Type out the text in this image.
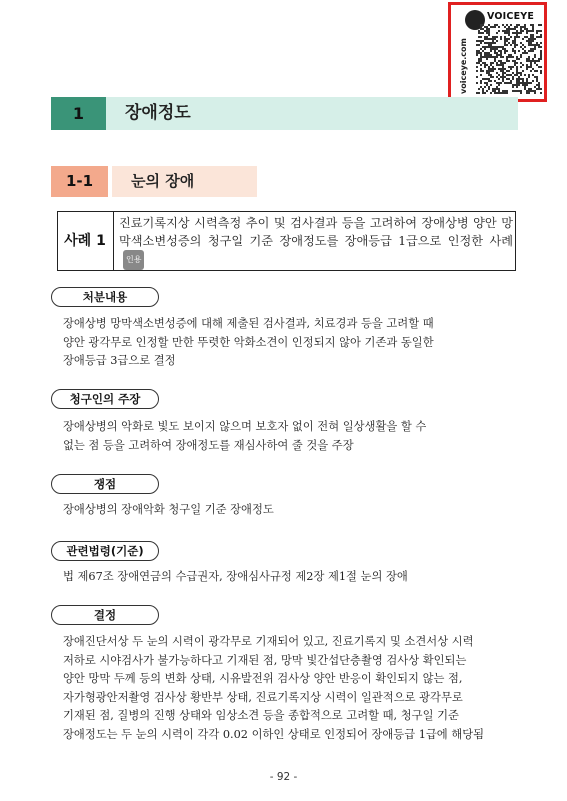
VOICEYE
voiceye.com
1	장애정도
1-1	눈의 장애
사례 1
진료기록지상 시력측정 추이 및 검사결과 등을 고려하여 장애상병 양안 망막색소변성증의 청구일 기준 장애정도를 장애등급 1급으로 인정한 사례인용
처분내용
장애상병 망막색소변성증에 대해 제출된 검사결과, 치료경과 등을 고려할 때
양안 광각무로 인정할 만한 뚜렷한 악화소견이 인정되지 않아 기존과 동일한
장애등급 3급으로 결정
청구인의 주장
장애상병의 악화로 빛도 보이지 않으며 보호자 없이 전혀 일상생활을 할 수
없는 점 등을 고려하여 장애정도를 재심사하여 줄 것을 주장
쟁점
장애상병의 장애악화 청구일 기준 장애정도
관련법령(기준)
법 제67조 장애연금의 수급권자, 장애심사규정 제2장 제1절 눈의 장애
결정
장애진단서상 두 눈의 시력이 광각무로 기재되어 있고, 진료기록지 및 소견서상 시력
저하로 시야검사가 불가능하다고 기재된 점, 망막 빛간섭단층촬영 검사상 확인되는
양안 망막 두께 등의 변화 상태, 시유발전위 검사상 양안 반응이 확인되지 않는 점,
자가형광안저촬영 검사상 황반부 상태, 진료기록지상 시력이 일관적으로 광각무로
기재된 점, 질병의 진행 상태와 임상소견 등을 종합적으로 고려할 때, 청구일 기준
장애정도는 두 눈의 시력이 각각 0.02 이하인 상태로 인정되어 장애등급 1급에 해당됨
- 92 -
